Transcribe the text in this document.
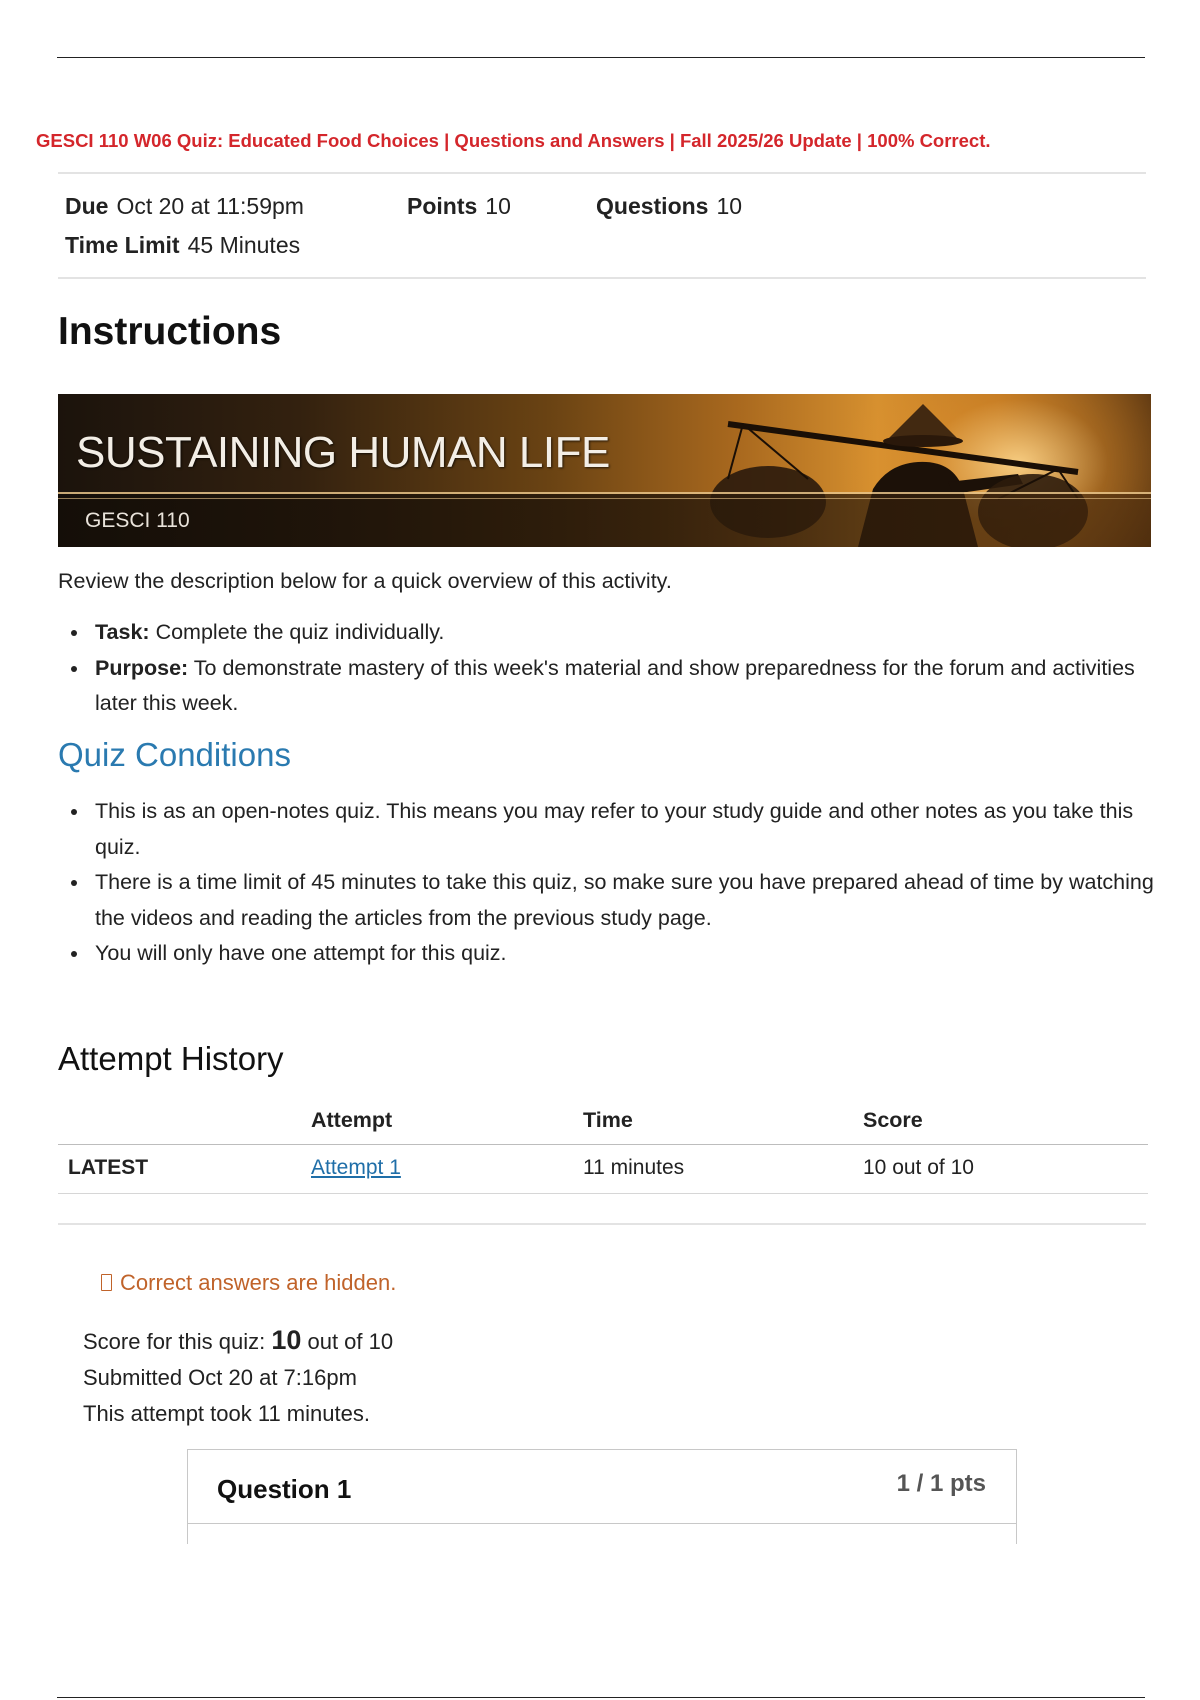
GESCI 110 W06 Quiz: Educated Food Choices | Questions and Answers | Fall 2025/26 Update | 100% Correct.
Due Oct 20 at 11:59pm	Points 10	Questions 10
Time Limit 45 Minutes
Instructions
SUSTAINING HUMAN LIFE
GESCI 110
Review the description below for a quick overview of this activity.
Task: Complete the quiz individually.
Purpose: To demonstrate mastery of this week's material and show preparedness for the forum and activities later this week.
Quiz Conditions
This is as an open-notes quiz. This means you may refer to your study guide and other notes as you take this quiz.
There is a time limit of 45 minutes to take this quiz, so make sure you have prepared ahead of time by watching the videos and reading the articles from the previous study page.
You will only have one attempt for this quiz.
Attempt History
	Attempt	Time	Score
LATEST	Attempt 1	11 minutes	10 out of 10
Correct answers are hidden.
Score for this quiz: 10 out of 10
Submitted Oct 20 at 7:16pm
This attempt took 11 minutes.
Question 1	1 / 1 pts
